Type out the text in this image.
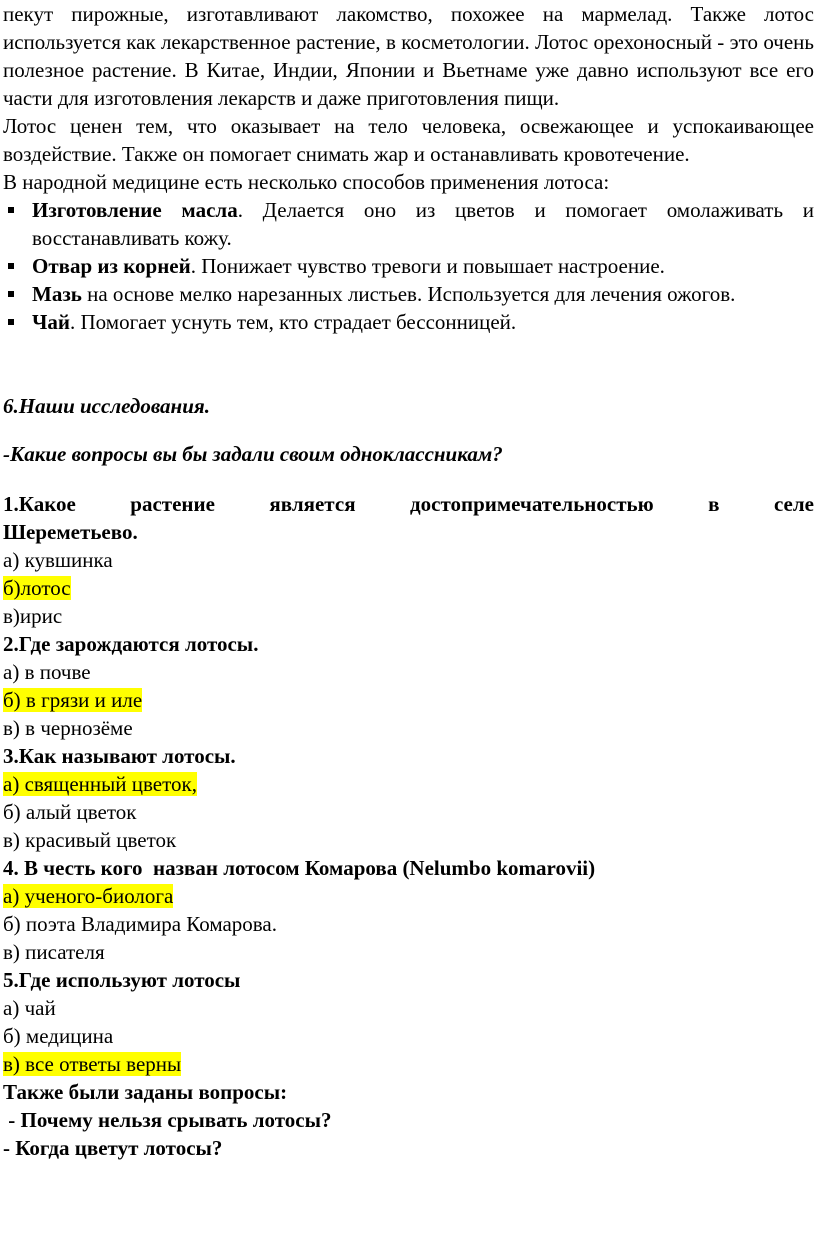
пекут пирожные, изготавливают лакомство, похожее на мармелад. Также лотос используется как лекарственное растение, в косметологии. Лотос орехоносный - это очень полезное растение. В Китае, Индии, Японии и Вьетнаме уже давно используют все его части для изготовления лекарств и даже приготовления пищи.

Лотос ценен тем, что оказывает на тело человека, освежающее и успокаивающее воздействие. Также он помогает снимать жар и останавливать кровотечение.

В народной медицине есть несколько способов применения лотоса:

Изготовление масла. Делается оно из цветов и помогает омолаживать и восстанавливать кожу.
Отвар из корней. Понижает чувство тревоги и повышает настроение.
Мазь на основе мелко нарезанных листьев. Используется для лечения ожогов.
Чай. Помогает уснуть тем, кто страдает бессонницей.

6.Наши исследования.

-Какие вопросы вы бы задали своим одноклассникам?

1.Какое	растение	является	достопримечательностью	в	селе

Шереметьево.

а) кувшинка

б)лотос

в)ирис

2.Где зарождаются лотосы.

а) в почве

б) в грязи и иле

в) в чернозёме

3.Как называют лотосы.

а) священный цветок,

б) алый цветок

в) красивый цветок

4. В честь кого  назван лотосом Комарова (Nelumbo komarovii)

а) ученого-биолога

б) поэта Владимира Комарова.

в) писателя

5.Где используют лотосы

а) чай

б) медицина

в) все ответы верны

Также были заданы вопросы:

- Почему нельзя срывать лотосы?

- Когда цветут лотосы?
